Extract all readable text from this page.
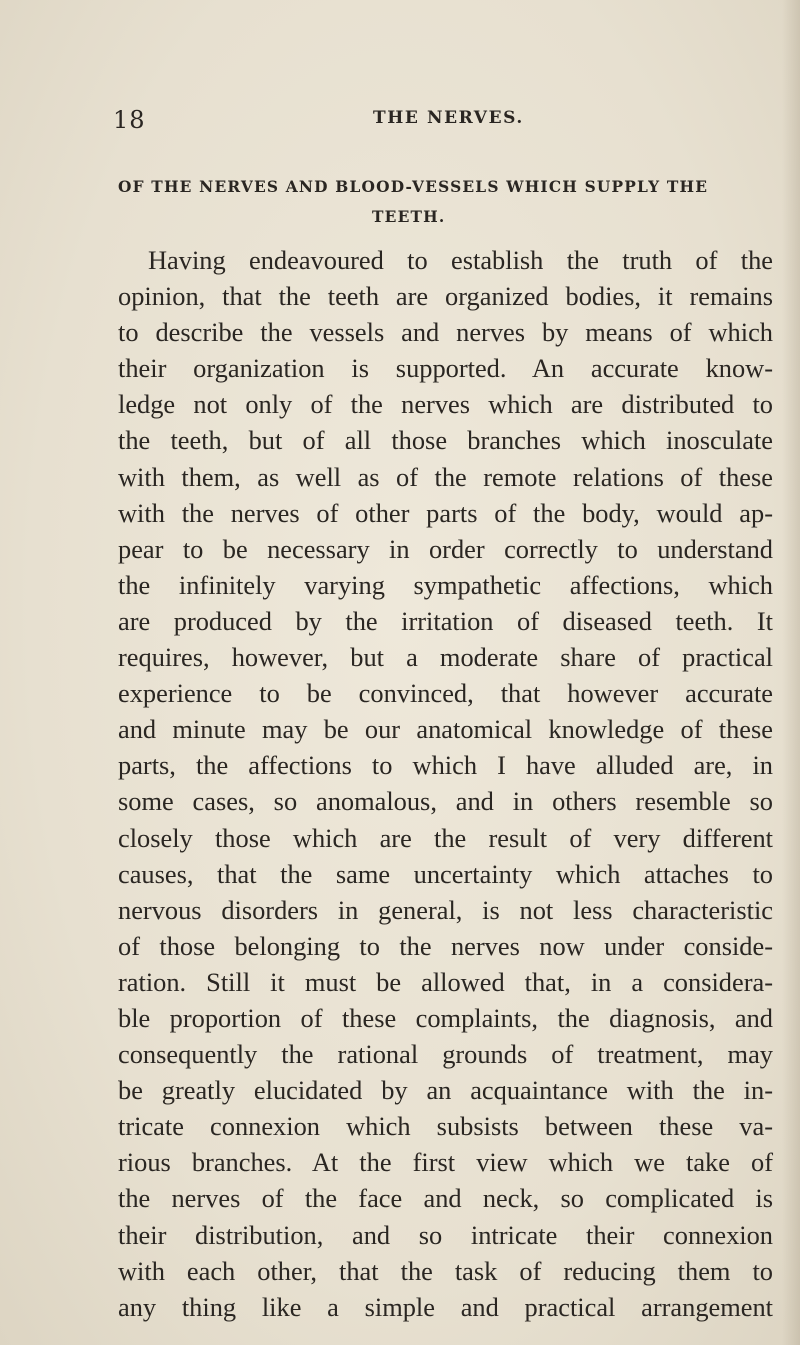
18	THE NERVES.
OF THE NERVES AND BLOOD-VESSELS WHICH SUPPLY THE
TEETH.
Having endeavoured to establish the truth of the
opinion, that the teeth are organized bodies, it remains
to describe the vessels and nerves by means of which
their organization is supported. An accurate know-
ledge not only of the nerves which are distributed to
the teeth, but of all those branches which inosculate
with them, as well as of the remote relations of these
with the nerves of other parts of the body, would ap-
pear to be necessary in order correctly to understand
the infinitely varying sympathetic affections, which
are produced by the irritation of diseased teeth. It
requires, however, but a moderate share of practical
experience to be convinced, that however accurate
and minute may be our anatomical knowledge of these
parts, the affections to which I have alluded are, in
some cases, so anomalous, and in others resemble so
closely those which are the result of very different
causes, that the same uncertainty which attaches to
nervous disorders in general, is not less characteristic
of those belonging to the nerves now under conside-
ration. Still it must be allowed that, in a considera-
ble proportion of these complaints, the diagnosis, and
consequently the rational grounds of treatment, may
be greatly elucidated by an acquaintance with the in-
tricate connexion which subsists between these va-
rious branches. At the first view which we take of
the nerves of the face and neck, so complicated is
their distribution, and so intricate their connexion
with each other, that the task of reducing them to
any thing like a simple and practical arrangement
